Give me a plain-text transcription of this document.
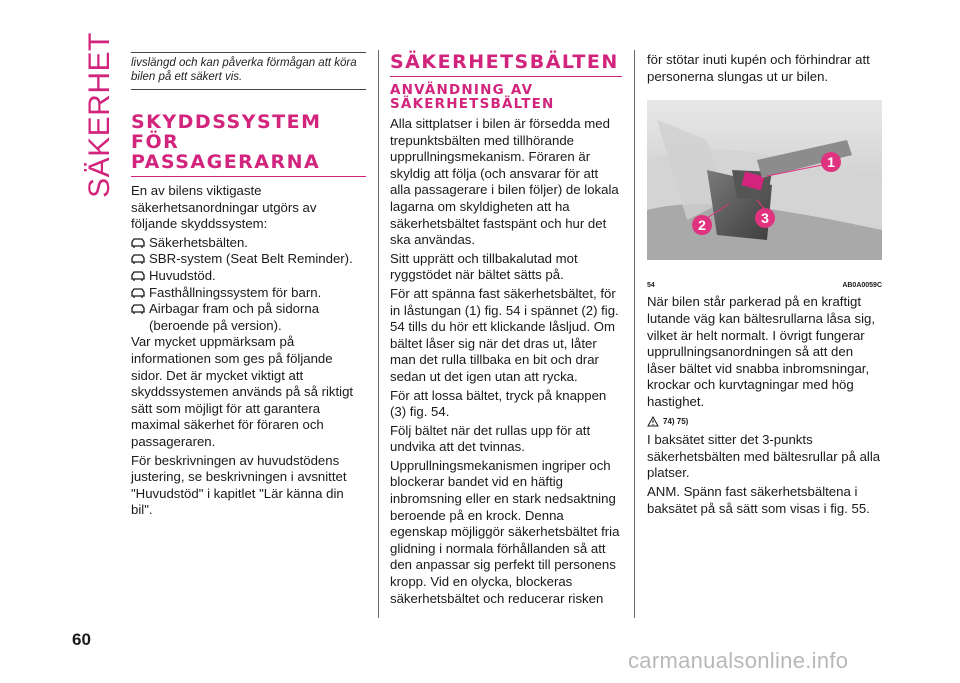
SÄKERHET livslängd och kan påverka förmågan att köra bilen på ett säkert vis.
SKYDDSSYSTEM FÖR PASSAGERARNA

En av bilens viktigaste säkerhetsanordningar utgörs av följande skyddssystem:

Säkerhetsbälten.
SBR-system (Seat Belt Reminder).
Huvudstöd.
Fasthållningssystem för barn.
Airbagar fram och på sidorna (beroende på version).

Var mycket uppmärksam på informationen som ges på följande sidor. Det är mycket viktigt att skyddssystemen används på så riktigt sätt som möjligt för att garantera maximal säkerhet för föraren och passageraren.

För beskrivningen av huvudstödens justering, se beskrivningen i avsnittet "Huvudstöd" i kapitlet "Lär känna din bil".

SÄKERHETSBÄLTEN
ANVÄNDNING AV SÄKERHETSBÄLTEN

Alla sittplatser i bilen är försedda med trepunktsbälten med tillhörande upprullningsmekanism. Föraren är skyldig att följa (och ansvarar för att alla passagerare i bilen följer) de lokala lagarna om skyldigheten att ha säkerhetsbältet fastspänt och hur det ska användas.

Sitt upprätt och tillbakalutad mot ryggstödet när bältet sätts på.

För att spänna fast säkerhetsbältet, för in låstungan (1) fig. 54 i spännet (2) fig. 54 tills du hör ett klickande låsljud. Om bältet låser sig när det dras ut, låter man det rulla tillbaka en bit och drar sedan ut det igen utan att rycka.

För att lossa bältet, tryck på knappen (3) fig. 54.

Följ bältet när det rullas upp för att undvika att det tvinnas.

Upprullningsmekanismen ingriper och blockerar bandet vid en häftig inbromsning eller en stark nedsaktning beroende på en krock. Denna egenskap möjliggör säkerhetsbältet fria glidning i normala förhållanden så att den anpassar sig perfekt till personens kropp. Vid en olycka, blockeras säkerhetsbältet och reducerar risken

för stötar inuti kupén och förhindrar att personerna slungas ut ur bilen.

1
2	3
54	AB0A0059C

När bilen står parkerad på en kraftigt lutande väg kan bältesrullarna låsa sig, vilket är helt normalt. I övrigt fungerar upprullningsanordningen så att den låser bältet vid snabba inbromsningar, krockar och kurvtagningar med hög hastighet.

74) 75)

I baksätet sitter det 3-punkts säkerhetsbälten med bältesrullar på alla platser.

ANM. Spänn fast säkerhetsbältena i baksätet på så sätt som visas i fig. 55.

60
carmanualsonline.info
